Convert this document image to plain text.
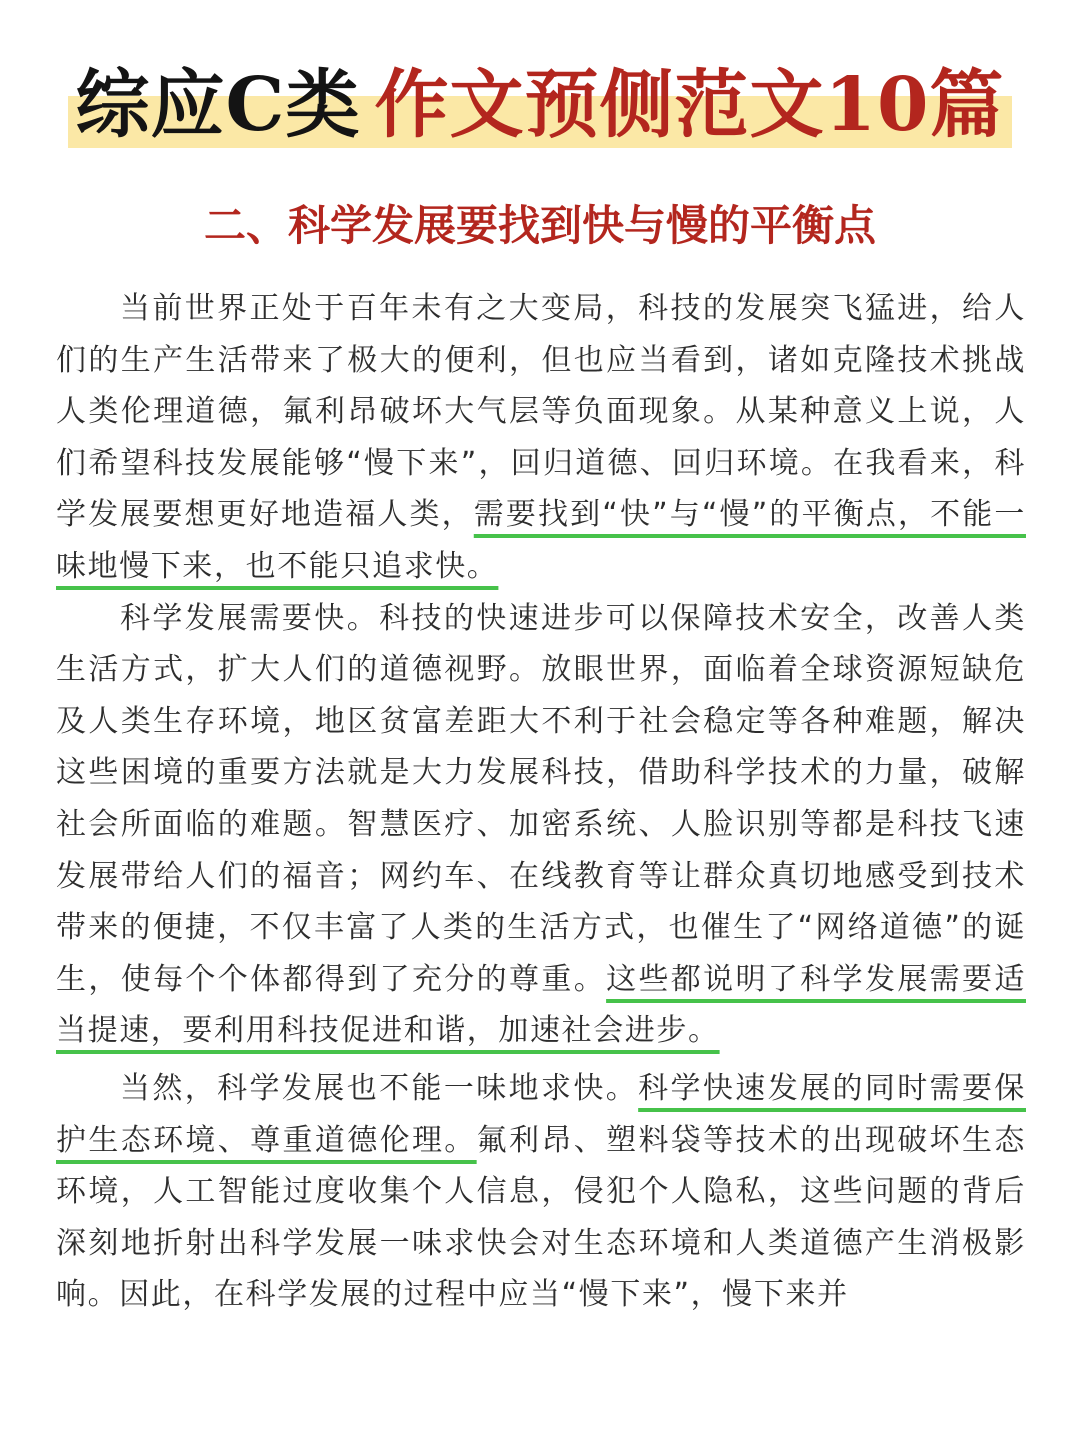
综应C类 作文预侧范文10篇
二、科学发展要找到快与慢的平衡点

当前世界正处于百年未有之大变局，科技的发展突飞猛进，给人们的生产生活带来了极大的便利，但也应当看到，诸如克隆技术挑战人类伦理道德，氟利昂破坏大气层等负面现象。从某种意义上说，人们希望科技发展能够“慢下来”，回归道德、回归环境。在我看来，科学发展要想更好地造福人类，需要找到“快”与“慢”的平衡点，不能一味地慢下来，也不能只追求快。

科学发展需要快。科技的快速进步可以保障技术安全，改善人类生活方式，扩大人们的道德视野。放眼世界，面临着全球资源短缺危及人类生存环境，地区贫富差距大不利于社会稳定等各种难题，解决这些困境的重要方法就是大力发展科技，借助科学技术的力量，破解社会所面临的难题。智慧医疗、加密系统、人脸识别等都是科技飞速发展带给人们的福音；网约车、在线教育等让群众真切地感受到技术带来的便捷，不仅丰富了人类的生活方式，也催生了“网络道德”的诞生，使每个个体都得到了充分的尊重。这些都说明了科学发展需要适当提速，要利用科技促进和谐，加速社会进步。

当然，科学发展也不能一味地求快。科学快速发展的同时需要保护生态环境、尊重道德伦理。氟利昂、塑料袋等技术的出现破坏生态环境，人工智能过度收集个人信息，侵犯个人隐私，这些问题的背后深刻地折射出科学发展一味求快会对生态环境和人类道德产生消极影响。因此，在科学发展的过程中应当“慢下来”，慢下来并
